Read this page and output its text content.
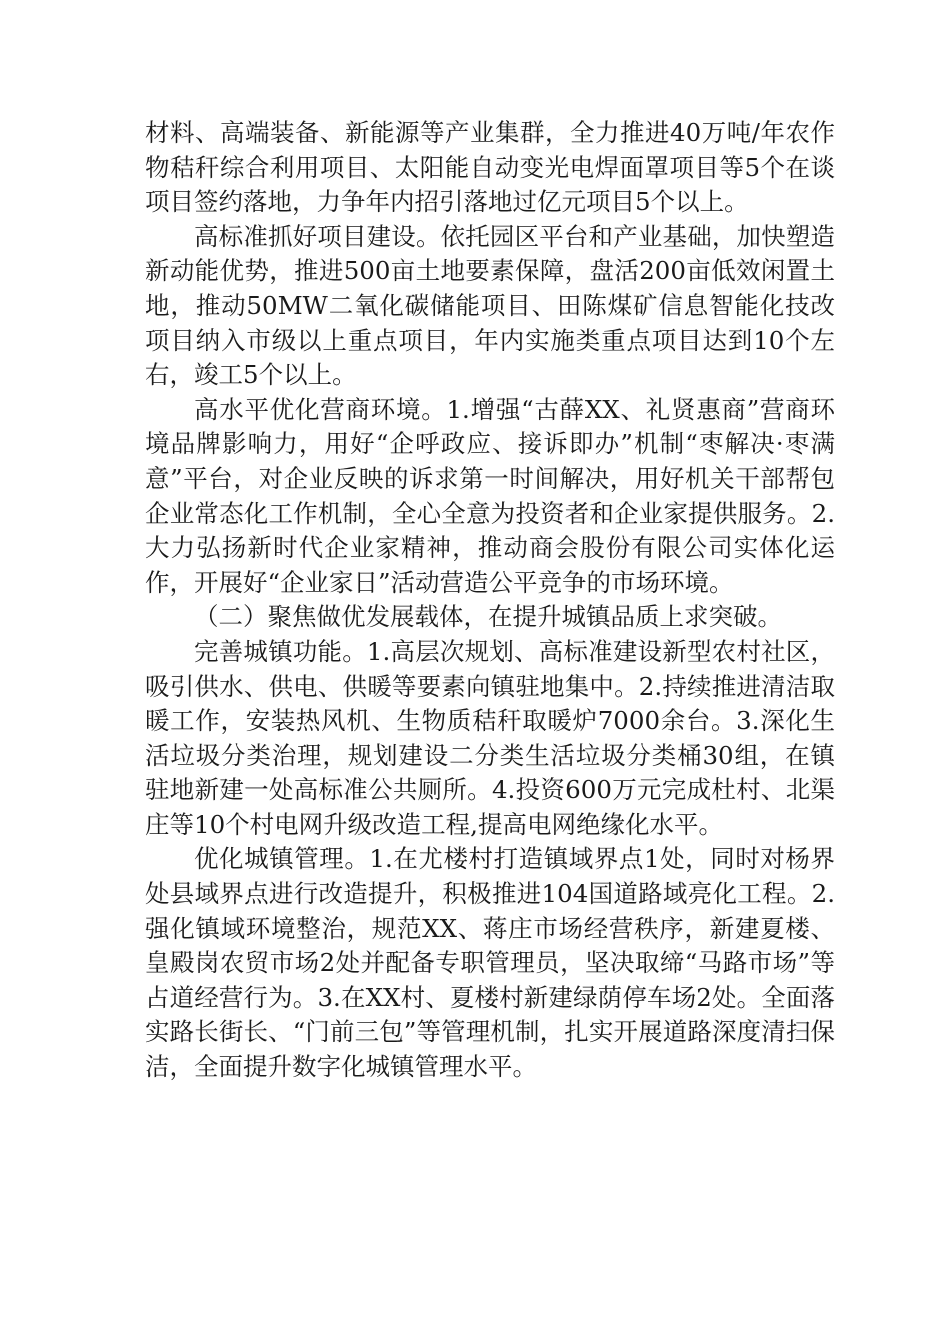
材料、高端装备、新能源等产业集群，全力推进40万吨/年农作物秸秆综合利用项目、太阳能自动变光电焊面罩项目等5个在谈项目签约落地，力争年内招引落地过亿元项目5个以上。

高标准抓好项目建设。依托园区平台和产业基础，加快塑造新动能优势，推进500亩土地要素保障，盘活200亩低效闲置土地，推动50MW二氧化碳储能项目、田陈煤矿信息智能化技改项目纳入市级以上重点项目，年内实施类重点项目达到10个左右，竣工5个以上。

高水平优化营商环境。1.增强“古薛XX、礼贤惠商”营商环境品牌影响力，用好“企呼政应、接诉即办”机制“枣解决·枣满意”平台，对企业反映的诉求第一时间解决，用好机关干部帮包企业常态化工作机制，全心全意为投资者和企业家提供服务。2.大力弘扬新时代企业家精神，推动商会股份有限公司实体化运作，开展好“企业家日”活动营造公平竞争的市场环境。

（二）聚焦做优发展载体，在提升城镇品质上求突破。

完善城镇功能。1.高层次规划、高标准建设新型农村社区，吸引供水、供电、供暖等要素向镇驻地集中。2.持续推进清洁取暖工作，安装热风机、生物质秸秆取暖炉7000余台。3.深化生活垃圾分类治理，规划建设二分类生活垃圾分类桶30组，在镇驻地新建一处高标准公共厕所。4.投资600万元完成杜村、北渠庄等10个村电网升级改造工程,提高电网绝缘化水平。

优化城镇管理。1.在尤楼村打造镇域界点1处，同时对杨界处县域界点进行改造提升，积极推进104国道路域亮化工程。2.强化镇域环境整治，规范XX、蒋庄市场经营秩序，新建夏楼、皇殿岗农贸市场2处并配备专职管理员，坚决取缔“马路市场”等占道经营行为。3.在XX村、夏楼村新建绿荫停车场2处。全面落实路长街长、“门前三包”等管理机制，扎实开展道路深度清扫保洁，全面提升数字化城镇管理水平。
